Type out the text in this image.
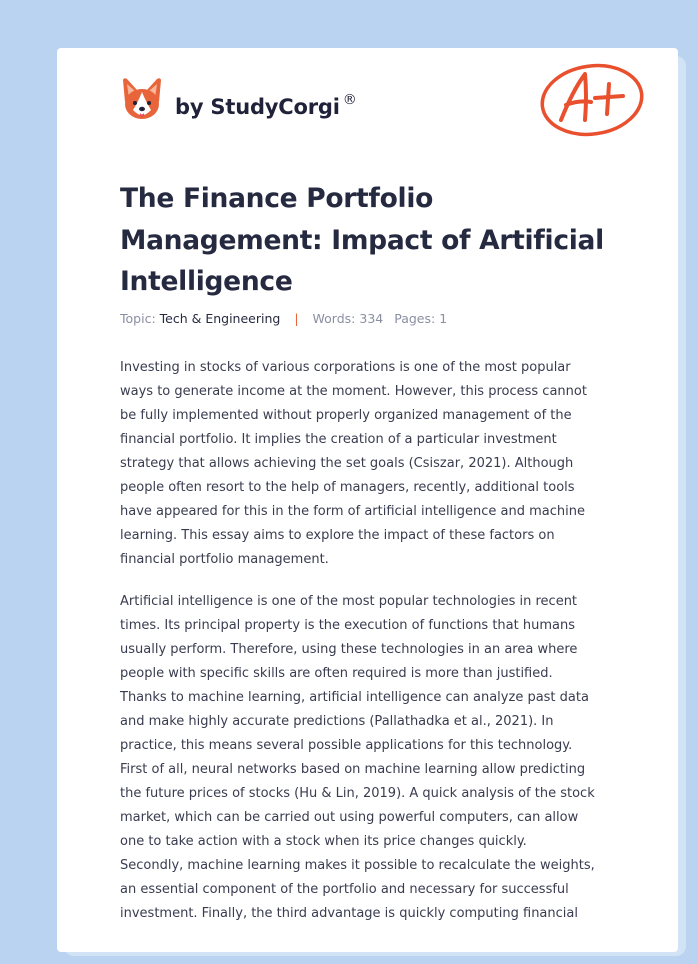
by StudyCorgi ®
The Finance Portfolio
Management: Impact of Artificial
Intelligence
Topic: Tech & Engineering | Words: 334 Pages: 1

Investing in stocks of various corporations is one of the most popular
ways to generate income at the moment. However, this process cannot
be fully implemented without properly organized management of the
financial portfolio. It implies the creation of a particular investment
strategy that allows achieving the set goals (Csiszar, 2021). Although
people often resort to the help of managers, recently, additional tools
have appeared for this in the form of artificial intelligence and machine
learning. This essay aims to explore the impact of these factors on
financial portfolio management.

Artificial intelligence is one of the most popular technologies in recent
times. Its principal property is the execution of functions that humans
usually perform. Therefore, using these technologies in an area where
people with specific skills are often required is more than justified.
Thanks to machine learning, artificial intelligence can analyze past data
and make highly accurate predictions (Pallathadka et al., 2021). In
practice, this means several possible applications for this technology.
First of all, neural networks based on machine learning allow predicting
the future prices of stocks (Hu & Lin, 2019). A quick analysis of the stock
market, which can be carried out using powerful computers, can allow
one to take action with a stock when its price changes quickly.
Secondly, machine learning makes it possible to recalculate the weights,
an essential component of the portfolio and necessary for successful
investment. Finally, the third advantage is quickly computing financial
